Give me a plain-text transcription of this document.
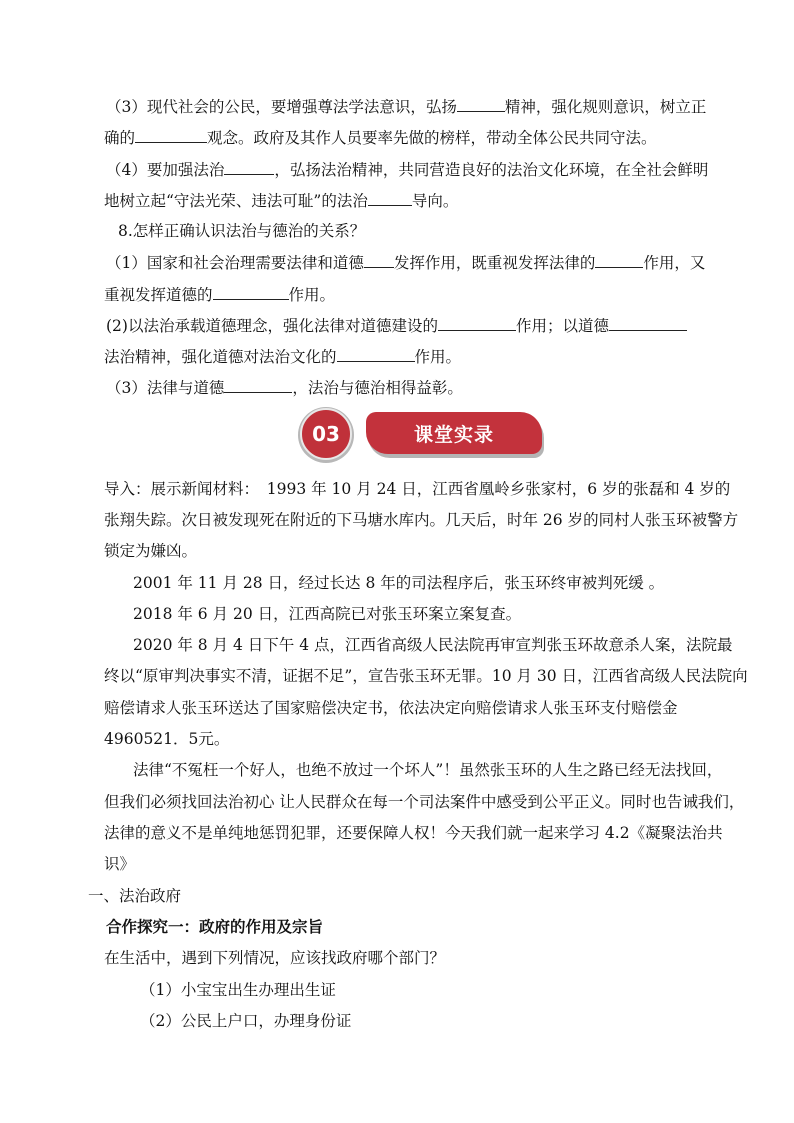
（3）现代社会的公民，要增强尊法学法意识，弘扬	精神，强化规则意识，树立正
确的	观念。政府及其作人员要率先做的榜样，带动全体公民共同守法。
（4）要加强法治	，弘扬法治精神，共同营造良好的法治文化环境，在全社会鲜明
地树立起“守法光荣、违法可耻”的法治	导向。
8.怎样正确认识法治与德治的关系？
（1）国家和社会治理需要法律和道德 发挥作用，既重视发挥法律的	作用，又
重视发挥道德的	作用。
(2)以法治承载道德理念，强化法律对道德建设的	作用；以道德
法治精神，强化道德对法治文化的	作用。
（3）法律与道德	，法治与德治相得益彰。
03	课堂实录
导入：展示新闻材料：　1993 年 10 月 24 日，江西省凰岭乡张家村，6 岁的张磊和 4 岁的
张翔失踪。次日被发现死在附近的下马塘水库内。几天后，时年 26 岁的同村人张玉环被警方
锁定为嫌凶。
2001 年 11 月 28 日，经过长达 8 年的司法程序后，张玉环终审被判死缓 。
2018 年 6 月 20 日，江西高院已对张玉环案立案复查。
2020 年 8 月 4 日下午 4 点，江西省高级人民法院再审宣判张玉环故意杀人案，法院最
终以“原审判决事实不清，证据不足”，宣告张玉环无罪。10 月 30 日，江西省高级人民法院向
赔偿请求人张玉环送达了国家赔偿决定书，依法决定向赔偿请求人张玉环支付赔偿金
4960521．5元。
法律“不冤枉一个好人，也绝不放过一个坏人”！虽然张玉环的人生之路已经无法找回，
但我们必须找回法治初心 让人民群众在每一个司法案件中感受到公平正义。同时也告诫我们，
法律的意义不是单纯地惩罚犯罪，还要保障人权！今天我们就一起来学习 4.2《凝聚法治共
识》
一、法治政府
合作探究一：政府的作用及宗旨
在生活中，遇到下列情况，应该找政府哪个部门？
（1）小宝宝出生办理出生证
（2）公民上户口，办理身份证
